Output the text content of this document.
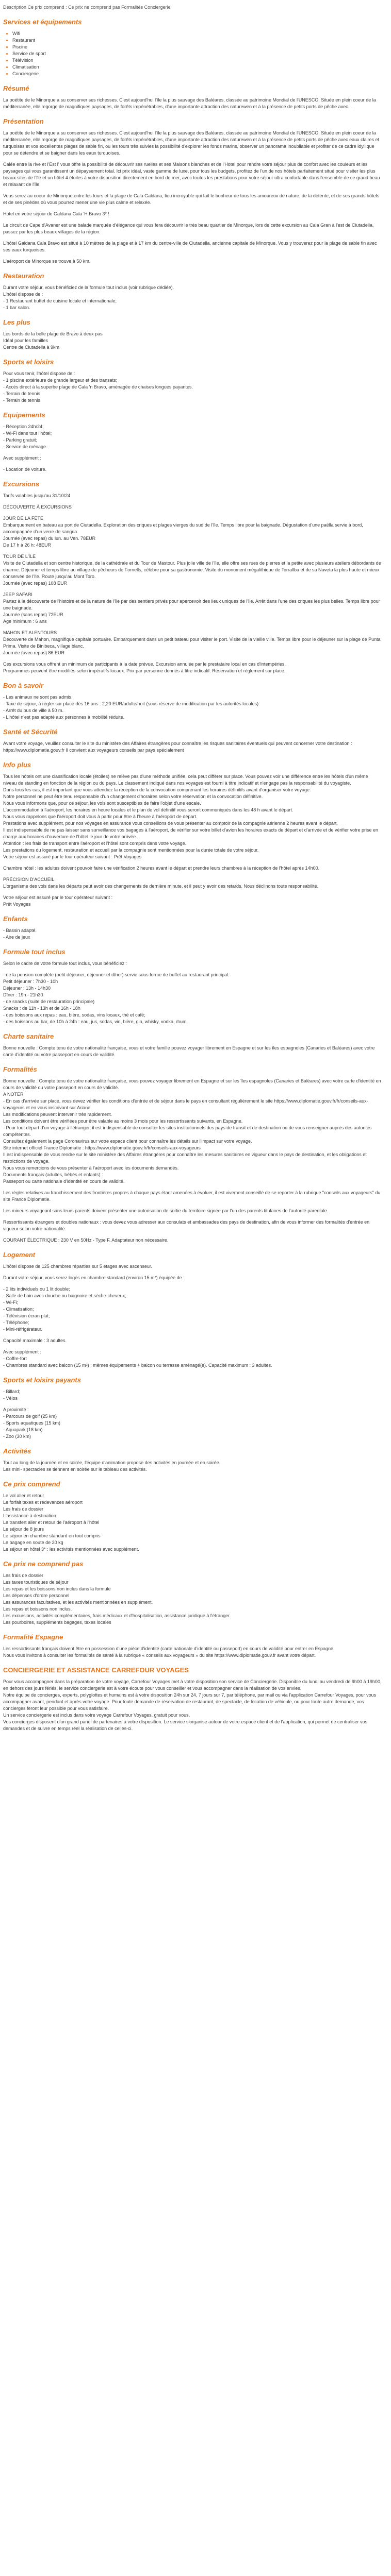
Description Ce prix comprend : Ce prix ne comprend pas Formalités Conciergerie
Services et équipements
• Wifi
• Restaurant
• Piscine
• Service de sport
• Télévision
• Climatisation
• Conciergerie
Résumé

La poétite de le Minorque a su conserver ses richesses. C'est aujourd'hui l'île la plus sauvage des Baléares, classée au patrimoine Mondial de l'UNESCO. Située en plein coeur de la méditerranée, elle regorge de magnifiques paysages, de forêts impénétrables, d'une importante attraction des naturewen et à la présence de petits ports de pêche avec...

Présentation

La poétite de le Minorque a su conserver ses richesses. C'est aujourd'hui l'île la plus sauvage des Baléares, classée au patrimoine Mondial de l'UNESCO. Située en plein coeur de la méditerranée, elle regorge de magnifiques paysages, de forêts impénétrables, d'une importante attraction des naturewen et à la présence de petits ports de pêche avec eaux claires et turquoises et vos excellentes plages de sable fin, ou les tours très suivies la possibilité d'explorer les fonds marins, observer un panorama inoubliable et profiter de ce cadre idyllique pour se détendre et se baigner dans les eaux turquoises.

Calée entre la rive et l'Est l' vous offre la possibilité de découvrir ses ruelles et ses Maisons blanches et de l'Hotel pour rendre votre séjour plus de confort avec les couleurs et les paysages qui vous garantissent un dépaysement total. Ici prix idéal, vaste gamme de luxe, pour tous les budgets, profitez de l'un de nos hôtels parfaitement situé pour visiter les plus beaux sites de l'île et un hôtel 4 étoiles à votre disposition directement en bord de mer, avec toutes les prestations pour votre séjour ultra confortable dans l'ensemble de ce grand beau et relaxant de l'île.

Vous serez au coeur de Minorque entre les tours et la plage de Cala Galdana, lieu incroyable qui fait le bonheur de tous les amoureux de nature, de la détente, et de ses grands hôtels et de ses pinèdes où vous pourrez mener une vie plus calme et relaxée.

Hotel en votre séjour de Galdana Cala 'H Bravo 3* !

Le circuit de Cape d'Avaner est une balade marquée d'élégance qui vous fera découvrir le très beau quartier de Minorque, lors de cette excursion au Cala Gran à l'est de Ciutadella, passez par les plus beaux villages de la région.

L'hôtel Galdana Cala Bravo est situé à 10 mètres de la plage et à 17 km du centre-ville de Ciutadella, ancienne capitale de Minorque. Vous y trouverez pour la plage de sable fin avec ses eaux turquoises.

L'aéroport de Minorque se trouve à 50 km.

Restauration
Durant votre séjour, vous bénéficiez de la formule tout inclus (voir rubrique dédiée).
L'hôtel dispose de :
- 1 Restaurant buffet de cuisine locale et internationale;
- 1 bar salon.
Les plus
Les bords de la belle plage de Bravo à deux pas
Idéal pour les familles
Centre de Ciutadella à 9km
Sports et loisirs
Pour vous tenir, l'hôtel dispose de :
- 1 piscine extérieure de grande largeur et des transats;
- Accès direct à la superbe plage de Cala 'n Bravo, aménagée de chaises longues payantes.
- Terrain de tennis
- Terrain de tennis
Equipements
- Réception 24h/24;
- Wi-Fi dans tout l'hôtel;
- Parking gratuit;
- Service de ménage.
Avec supplément :
- Location de voiture.
Excursions
Tarifs valables jusqu'au 31/10/24
DÉCOUVERTE À EXCURSIONS
JOUR DE LA FÊTE
Embarquement en bateau au port de Ciutadella. Exploration des criques et plages vierges du sud de l'île. Temps libre pour la baignade. Dégustation d'une paëlla servie à bord, accompagnée d'un verre de sangria.
Journée (avec repas) du lun. au Ven. 78EUR
De 17 h à 26 h: 48EUR
TOUR DE L'ÎLE
Visite de Ciutadella et son centre historique, de la cathédrale et du Tour de Mastour. Plus jolie ville de l'île, elle offre ses rues de pierres et la petite avec plusieurs ateliers débordants de charme. Déjeuner et temps libre au village de pêcheurs de Fornells, célèbre pour sa gastronomie. Visite du monument mégalithique de Torrallba et de sa Naveta la plus haute et mieux conservée de l'île. Route jusqu'au Mont Toro.
Journée (avec repas) 108 EUR
JEEP SAFARI
Partez à la découverte de l'histoire et de la nature de l'île par des sentiers privés pour apercevoir des lieux uniques de l'île. Arrêt dans l'une des criques les plus belles. Temps libre pour une baignade.
Journée (sans repas) 72EUR
Âge minimum : 6 ans
MAHON ET ALENTOURS
Découverte de Mahon, magnifique capitale portuaire. Embarquement dans un petit bateau pour visiter le port. Visite de la vieille ville. Temps libre pour le déjeuner sur la plage de Punta Prima. Visite de Binibeca, village blanc.
Journée (avec repas) 86 EUR
Ces excursions vous offrent un minimum de participants à la date prévue. Excursion annulée par le prestataire local en cas d'intempéries.
Programmes peuvent être modifiés selon impératifs locaux. Prix par personne donnés à titre indicatif. Réservation et règlement sur place.
Bon à savoir
- Les animaux ne sont pas admis.
- Taxe de séjour, à régler sur place dès 16 ans : 2,20 EUR/adulte/nuit (sous réserve de modification par les autorités locales).
- Arrêt du bus de ville à 50 m.
- L'hôtel n'est pas adapté aux personnes à mobilité réduite.
Santé et Sécurité

Avant votre voyage, veuillez consulter le site du ministère des Affaires étrangères pour connaître les risques sanitaires éventuels qui peuvent concerner votre destination : https://www.diplomatie.gouv.fr Il convient aux voyageurs conseils par pays spécialement

Info plus
Tous les hôtels ont une classification locale (étoiles) ne relève pas d'une méthode unifiée, cela peut différer sur place. Vous pouvez voir une différence entre les hôtels d'un même niveau de standing en fonction de la région ou du pays. Le classement indiqué dans nos voyages est fourni à titre indicatif et n'engage pas la responsabilité du voyagiste.
Dans tous les cas, il est important que vous attendiez la réception de la convocation comprenant les horaires définitifs avant d'organiser votre voyage.
Notre personnel ne peut être tenu responsable d'un changement d'horaires selon votre réservation et la convocation définitive.
Nous vous informons que, pour ce séjour, les vols sont susceptibles de faire l'objet d'une escale.
L'accommodation à l'aéroport, les horaires en heure locales et le plan de vol définitif vous seront communiqués dans les 48 h avant le départ.
Nous vous rappelons que l'aéroport doit vous à partir pour être à l'heure à l'aéroport de départ.
Prestations avec supplément, pour nos voyages en assurance vous conseillons de vous présenter au comptoir de la compagnie aérienne 2 heures avant le départ.
Il est indispensable de ne pas laisser sans surveillance vos bagages à l'aéroport, de vérifier sur votre billet d'avion les horaires exacts de départ et d'arrivée et de vérifier votre prise en charge aux horaires d'ouverture de l'hôtel le jour de votre arrivée.
Attention : les frais de transport entre l'aéroport et l'hôtel sont compris dans votre voyage.
Les prestations du logement, restauration et accueil par la compagnie sont mentionnées pour la durée totale de votre séjour.
Votre séjour est assuré par le tour opérateur suivant : Prêt Voyages
Chambre hôtel : les adultes doivent pouvoir faire une vérification 2 heures avant le départ et prendre leurs chambres à la réception de l'hôtel après 14h00.
PRÉCISION D'ACCUEIL
L'organisme des vols dans les départs peut avoir des changements de dernière minute, et il peut y avoir des retards. Nous déclinons toute responsabilité.
Votre séjour est assuré par le tour opérateur suivant :
Prêt Voyages
Enfants
- Bassin adapté.
- Aire de jeux
Formule tout inclus
Selon le cadre de votre formule tout inclus, vous bénéficiez :
- de la pension complète (petit déjeuner, déjeuner et dîner) servie sous forme de buffet au restaurant principal.
Petit déjeuner : 7h30 - 10h
Déjeuner : 13h - 14h30
Dîner : 19h - 21h30
- de snacks (suite de restauration principale)
Snacks : de 11h - 13h et de 16h - 18h
- des boissons aux repas : eau, bière, sodas, vins locaux, thé et café;
- des boissons au bar, de 10h à 24h : eau, jus, sodas, vin, bière, gin, whisky, vodka, rhum.
Charte sanitaire

Bonne nouvelle : Compte tenu de votre nationalité française, vous et votre famille pouvez voyager librement en Espagne et sur les îles espagnoles (Canaries et Baléares) avec votre carte d'identité ou votre passeport en cours de validité.

Formalités
Bonne nouvelle : Compte tenu de votre nationalité française, vous pouvez voyager librement en Espagne et sur les îles espagnoles (Canaries et Baléares) avec votre carte d'identité en cours de validité ou votre passeport en cours de validité.
A NOTER
- En cas d'arrivée sur place, vous devez vérifier les conditions d'entrée et de séjour dans le pays en consultant régulièrement le site https://www.diplomatie.gouv.fr/fr/conseils-aux-voyageurs et en vous inscrivant sur Ariane.
Les modifications peuvent intervenir très rapidement.
Les conditions doivent être vérifiées pour être valable au moins 3 mois pour les ressortissants suivants, en Espagne.
- Pour tout départ d'un voyage à l'étranger, il est indispensable de consulter les sites institutionnels des pays de transit et de destination ou de vous renseigner auprès des autorités compétentes.
Consultez également la page Coronavirus sur votre espace client pour connaître les détails sur l'impact sur votre voyage.
Site internet officiel France Diplomatie : https://www.diplomatie.gouv.fr/fr/conseils-aux-voyageurs
Il est indispensable de vous rendre sur le site ministère des Affaires étrangères pour connaître les mesures sanitaires en vigueur dans le pays de destination, et les obligations et restrictions de voyage.
Nous vous remercions de vous présenter à l'aéroport avec les documents demandés.
Documents français (adultes, bébés et enfants) :
Passeport ou carte nationale d'identité en cours de validité.
Les règles relatives au franchissement des frontières propres à chaque pays étant amenées à évoluer, il est vivement conseillé de se reporter à la rubrique "conseils aux voyageurs" du site France Diplomatie.
Les mineurs voyageant sans leurs parents doivent présenter une autorisation de sortie du territoire signée par l'un des parents titulaires de l'autorité parentale.
Ressortissants étrangers et doubles nationaux : vous devez vous adresser aux consulats et ambassades des pays de destination, afin de vous informer des formalités d'entrée en vigueur selon votre nationalité.
COURANT ÉLECTRIQUE : 230 V en 50Hz - Type F. Adaptateur non nécessaire.
Logement
L'hôtel dispose de 125 chambres réparties sur 5 étages avec ascenseur.
Durant votre séjour, vous serez logés en chambre standard (environ 15 m²) équipée de :
- 2 lits individuels ou 1 lit double;
- Salle de bain avec douche ou baignoire et sèche-cheveux;
- Wi-Fi;
- Climatisation;
- Télévision écran plat;
- Téléphone;
- Mini-réfrigérateur.
Capacité maximale : 3 adultes.
Avec supplément :
- Coffre-fort
- Chambres standard avec balcon (15 m²) : mêmes équipements + balcon ou terrasse aménagé(e). Capacité maximum : 3 adultes.
Sports et loisirs payants
- Billard;
- Vélos
A proximité :
- Parcours de golf (25 km)
- Sports aquatiques (15 km)
- Aquapark (18 km)
- Zoo (30 km)
Activités
Tout au long de la journée et en soirée, l'équipe d'animation propose des activités en journée et en soirée.
Les mini- spectacles se tiennent en soirée sur le tableau des activités.
Ce prix comprend
Le vol aller et retour
Le forfait taxes et redevances aéroport
Les frais de dossier
L'assistance à destination
Le transfert aller et retour de l'aéroport à l'hôtel
Le séjour de 8 jours
Le séjour en chambre standard en tout compris
Le bagage en soute de 20 kg
Le séjour en hôtel 3* : les activités mentionnées avec supplément.
Ce prix ne comprend pas
Les frais de dossier
Les taxes touristiques de séjour
Les repas et les boissons non inclus dans la formule
Les dépenses d'ordre personnel
Les assurances facultatives, et les activités mentionnées en supplément.
Les repas et boissons non inclus.
Les excursions, activités complémentaires, frais médicaux et d'hospitalisation, assistance juridique à l'étranger.
Les pourboires, suppléments bagages, taxes locales
Formalité Espagne
Les ressortissants français doivent être en possession d'une pièce d'identité (carte nationale d'identité ou passeport) en cours de validité pour entrer en Espagne.
Nous vous invitons à consulter les formalités de santé à la rubrique « conseils aux voyageurs » du site https://www.diplomatie.gouv.fr avant votre départ.
CONCIERGERIE ET ASSISTANCE CARREFOUR VOYAGES
Pour vous accompagner dans la préparation de votre voyage, Carrefour Voyages met à votre disposition son service de Conciergerie. Disponible du lundi au vendredi de 9h00 à 19h00, en dehors des jours fériés, le service conciergerie est à votre écoute pour vous conseiller et vous accompagner dans la réalisation de vos envies.
Notre équipe de concierges, experts, polyglottes et humains est à votre disposition 24h sur 24, 7 jours sur 7, par téléphone, par mail ou via l'application Carrefour Voyages, pour vous accompagner avant, pendant et après votre voyage. Pour toute demande de réservation de restaurant, de spectacle, de location de véhicule, ou pour toute autre demande, vos concierges feront leur possible pour vous satisfaire.
Un service conciergerie est inclus dans votre voyage Carrefour Voyages, gratuit pour vous.
Vos concierges disposent d'un grand panel de partenaires à votre disposition. Le service s'organise autour de votre espace client et de l'application, qui permet de centraliser vos demandes et de suivre en temps réel la réalisation de celles-ci.
